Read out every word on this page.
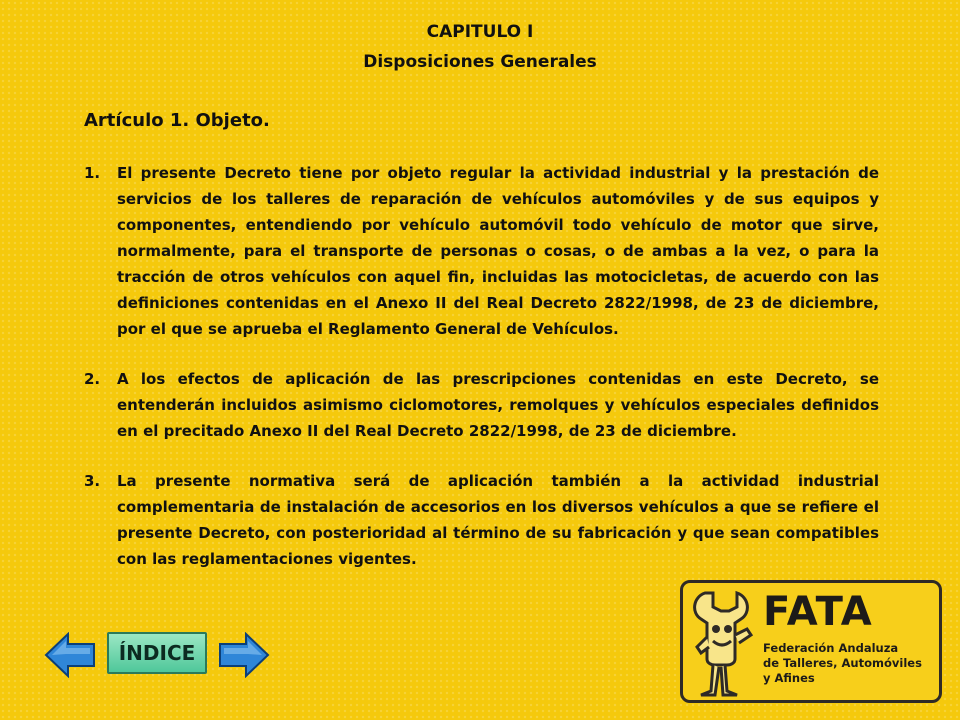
CAPITULO I
Disposiciones Generales
Artículo 1. Objeto.
1.	El presente Decreto tiene por objeto regular la actividad industrial y la prestación de servicios de los talleres de reparación de vehículos automóviles y de sus equipos y componentes, entendiendo por vehículo automóvil todo vehículo de motor que sirve, normalmente, para el transporte de personas o cosas, o de ambas a la vez, o para la tracción de otros vehículos con aquel fin, incluidas las motocicletas, de acuerdo con las definiciones contenidas en el Anexo II del Real Decreto 2822/1998, de 23 de diciembre, por el que se aprueba el Reglamento General de Vehículos.
2.	A los efectos de aplicación de las prescripciones contenidas en este Decreto, se entenderán incluidos asimismo ciclomotores, remolques y vehículos especiales definidos en el precitado Anexo II del Real Decreto 2822/1998, de 23 de diciembre.
3.	La presente normativa será de aplicación también a la actividad industrial complementaria de instalación de accesorios en los diversos vehículos a que se refiere el presente Decreto, con posterioridad al término de su fabricación y que sean compatibles con las reglamentaciones vigentes.
ÍNDICE
FATA
Federación Andaluza
de Talleres, Automóviles
y Afines
